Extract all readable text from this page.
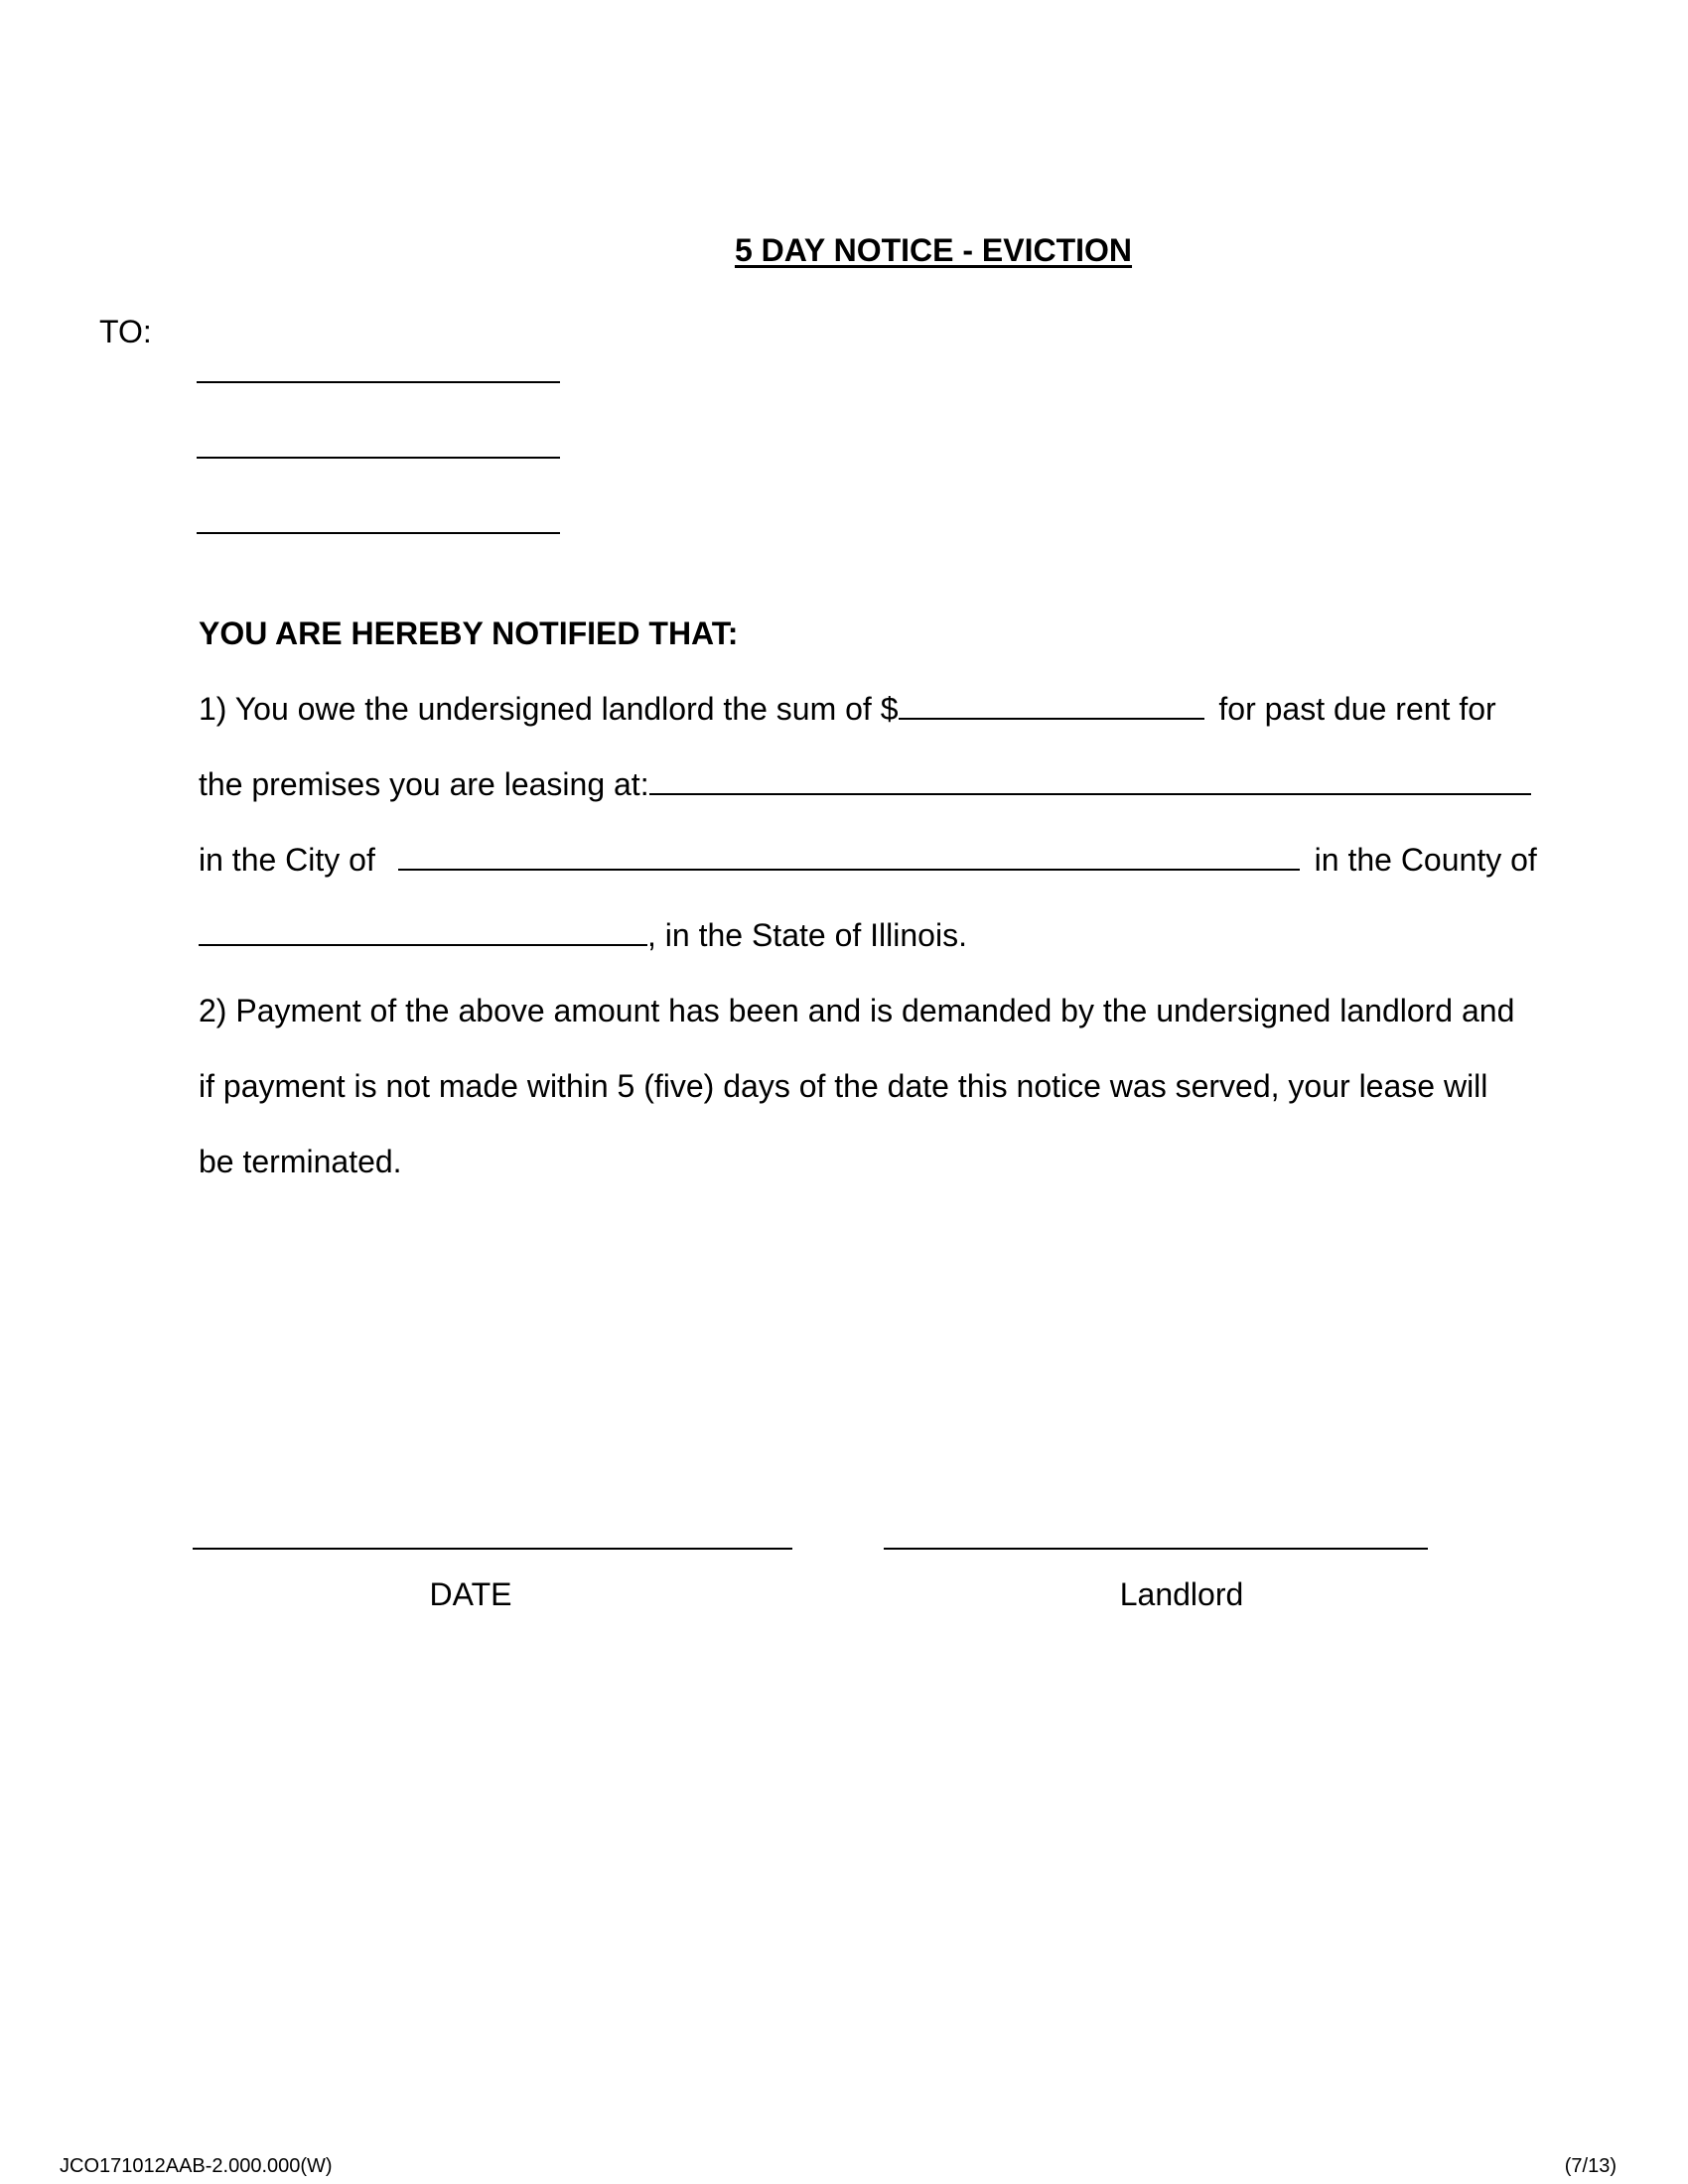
5 DAY NOTICE - EVICTION
TO:
YOU ARE HEREBY NOTIFIED THAT:
1) You owe the undersigned landlord the sum of $	for past due rent for
the premises you are leasing at:
in the City of	in the County of
, in the State of Illinois.
2) Payment of the above amount has been and is demanded by the undersigned landlord and
if payment is not made within 5 (five) days of the date this notice was served, your lease will
be terminated.
DATE	Landlord
JCO171012AAB-2.000.000(W)	(7/13)
